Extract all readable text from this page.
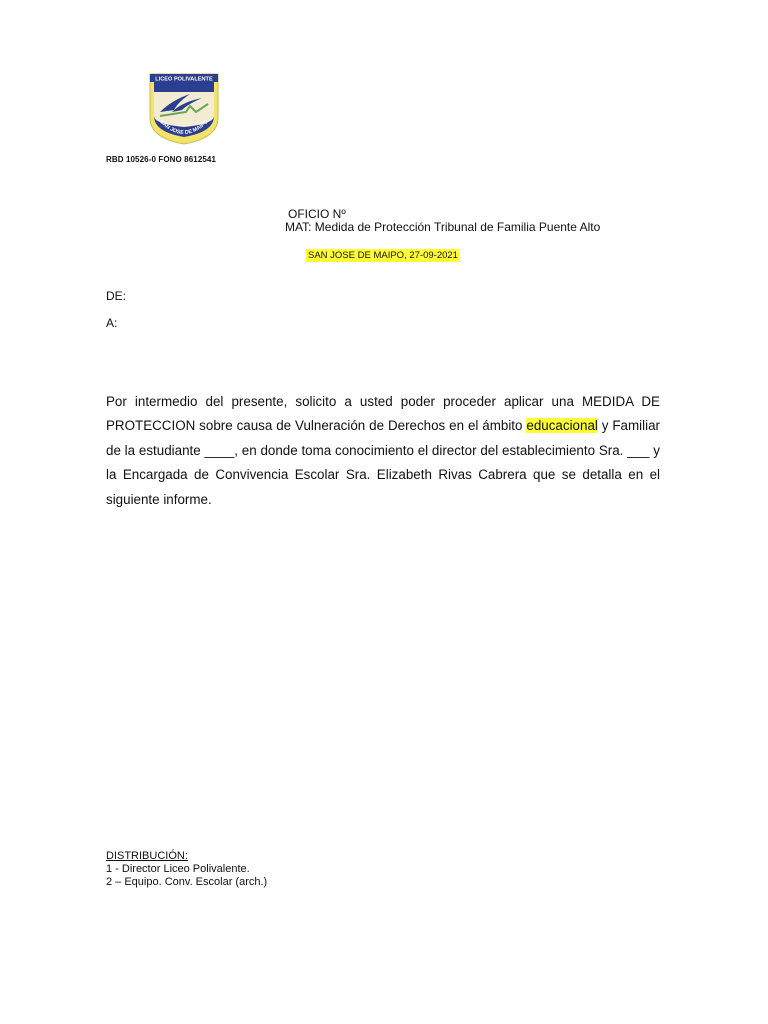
LICEO POLIVALENTE
SAN JOSE DE MAIPO
RBD 10526-0 FONO 8612541
OFICIO Nº
MAT: Medida de Protección Tribunal de Familia Puente Alto
SAN JOSE DE MAIPO, 27-09-2021
DE:
A:
Por intermedio del presente, solicito a usted poder proceder aplicar una MEDIDA DE PROTECCION sobre causa de Vulneración de Derechos en el ámbito educacional y Familiar de la estudiante ____, en donde toma conocimiento el director del establecimiento Sra. ___ y la Encargada de Convivencia Escolar Sra. Elizabeth Rivas Cabrera que se detalla en el siguiente informe.
DISTRIBUCIÓN:
1 - Director Liceo Polivalente.
2 – Equipo. Conv. Escolar (arch.)
